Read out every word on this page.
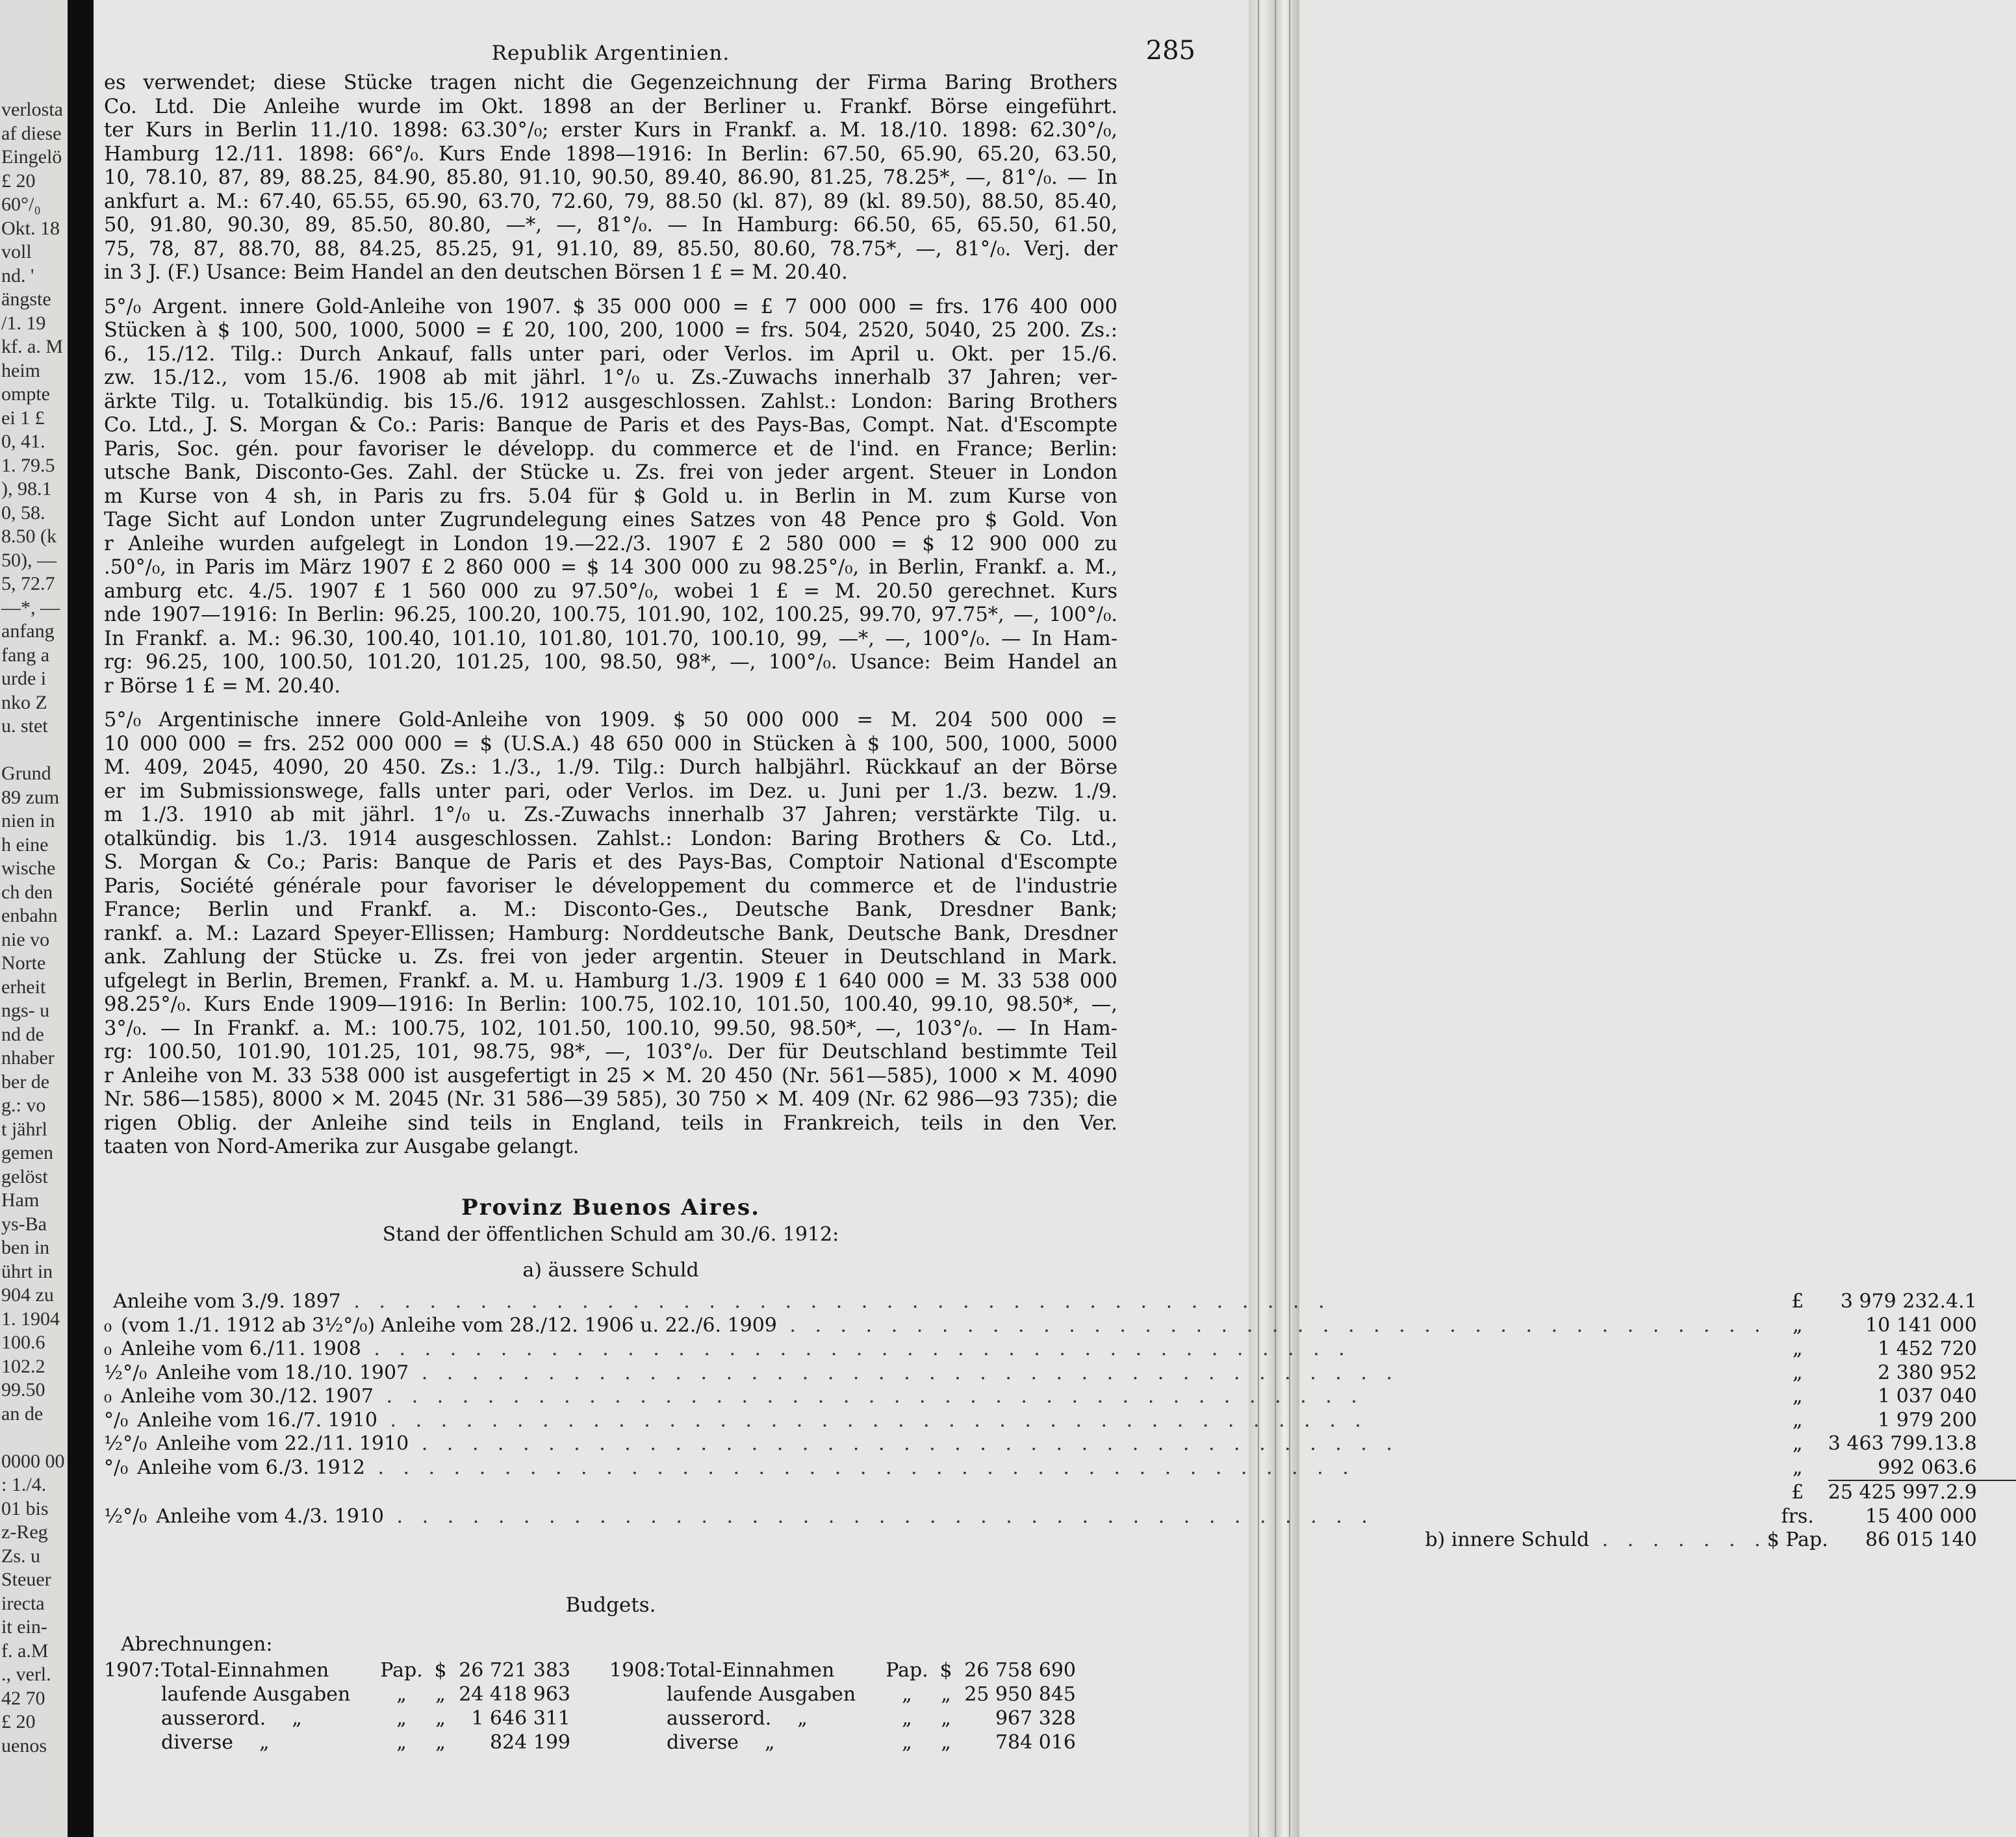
verlosta
af diese
Eingelö
£ 20
60°/₀
Okt. 18
voll
nd. '
ängste
/1. 19
kf. a. M
heim
ompte
ei 1 £
0, 41.
1. 79.5
), 98.1
0, 58.
8.50 (k
50), —
5, 72.7
—*, —
anfang
fang a
urde i
nko Z
u. stet
Grund
89 zum
nien in
h eine
wische
ch den
enbahn
nie vo
Norte
erheit
ngs- u
nd de
nhaber
ber de
g.: vo
t jährl
gemen
gelöst
Ham
ys-Ba
ben in
ührt in
904 zu
1. 1904
100.6
102.2
99.50
an de
0000 00
: 1./4.
01 bis
z-Reg
Zs. u
Steuer
irecta
it ein-
f. a.M
., verl.
42 70
£ 20
uenos
Republik Argentinien.	285
es verwendet; diese Stücke tragen nicht die Gegenzeichnung der Firma Baring Brothers
Co. Ltd. Die Anleihe wurde im Okt. 1898 an der Berliner u. Frankf. Börse eingeführt.
ter Kurs in Berlin 11./10. 1898: 63.30°/₀; erster Kurs in Frankf. a. M. 18./10. 1898: 62.30°/₀,
Hamburg 12./11. 1898: 66°/₀. Kurs Ende 1898—1916: In Berlin: 67.50, 65.90, 65.20, 63.50,
10, 78.10, 87, 89, 88.25, 84.90, 85.80, 91.10, 90.50, 89.40, 86.90, 81.25, 78.25*, —, 81°/₀. — In
ankfurt a. M.: 67.40, 65.55, 65.90, 63.70, 72.60, 79, 88.50 (kl. 87), 89 (kl. 89.50), 88.50, 85.40,
50, 91.80, 90.30, 89, 85.50, 80.80, —*, —, 81°/₀. — In Hamburg: 66.50, 65, 65.50, 61.50,
75, 78, 87, 88.70, 88, 84.25, 85.25, 91, 91.10, 89, 85.50, 80.60, 78.75*, —, 81°/₀. Verj. der
in 3 J. (F.) Usance: Beim Handel an den deutschen Börsen 1 £ = M. 20.40.
5°/₀ Argent. innere Gold-Anleihe von 1907. $ 35 000 000 = £ 7 000 000 = frs. 176 400 000
Stücken à $ 100, 500, 1000, 5000 = £ 20, 100, 200, 1000 = frs. 504, 2520, 5040, 25 200. Zs.:
6., 15./12. Tilg.: Durch Ankauf, falls unter pari, oder Verlos. im April u. Okt. per 15./6.
zw. 15./12., vom 15./6. 1908 ab mit jährl. 1°/₀ u. Zs.-Zuwachs innerhalb 37 Jahren; ver-
ärkte Tilg. u. Totalkündig. bis 15./6. 1912 ausgeschlossen. Zahlst.: London: Baring Brothers
Co. Ltd., J. S. Morgan & Co.: Paris: Banque de Paris et des Pays-Bas, Compt. Nat. d'Escompte
Paris, Soc. gén. pour favoriser le développ. du commerce et de l'ind. en France; Berlin:
utsche Bank, Disconto-Ges. Zahl. der Stücke u. Zs. frei von jeder argent. Steuer in London
m Kurse von 4 sh, in Paris zu frs. 5.04 für $ Gold u. in Berlin in M. zum Kurse von
Tage Sicht auf London unter Zugrundelegung eines Satzes von 48 Pence pro $ Gold. Von
r Anleihe wurden aufgelegt in London 19.—22./3. 1907 £ 2 580 000 = $ 12 900 000 zu
.50°/₀, in Paris im März 1907 £ 2 860 000 = $ 14 300 000 zu 98.25°/₀, in Berlin, Frankf. a. M.,
amburg etc. 4./5. 1907 £ 1 560 000 zu 97.50°/₀, wobei 1 £ = M. 20.50 gerechnet. Kurs
nde 1907—1916: In Berlin: 96.25, 100.20, 100.75, 101.90, 102, 100.25, 99.70, 97.75*, —, 100°/₀.
In Frankf. a. M.: 96.30, 100.40, 101.10, 101.80, 101.70, 100.10, 99, —*, —, 100°/₀. — In Ham-
rg: 96.25, 100, 100.50, 101.20, 101.25, 100, 98.50, 98*, —, 100°/₀. Usance: Beim Handel an
r Börse 1 £ = M. 20.40.
5°/₀ Argentinische innere Gold-Anleihe von 1909. $ 50 000 000 = M. 204 500 000 =
10 000 000 = frs. 252 000 000 = $ (U.S.A.) 48 650 000 in Stücken à $ 100, 500, 1000, 5000
M. 409, 2045, 4090, 20 450. Zs.: 1./3., 1./9. Tilg.: Durch halbjährl. Rückkauf an der Börse
er im Submissionswege, falls unter pari, oder Verlos. im Dez. u. Juni per 1./3. bezw. 1./9.
m 1./3. 1910 ab mit jährl. 1°/₀ u. Zs.-Zuwachs innerhalb 37 Jahren; verstärkte Tilg. u.
otalkündig. bis 1./3. 1914 ausgeschlossen. Zahlst.: London: Baring Brothers & Co. Ltd.,
S. Morgan & Co.; Paris: Banque de Paris et des Pays-Bas, Comptoir National d'Escompte
Paris, Société générale pour favoriser le développement du commerce et de l'industrie
France; Berlin und Frankf. a. M.: Disconto-Ges., Deutsche Bank, Dresdner Bank;
rankf. a. M.: Lazard Speyer-Ellissen; Hamburg: Norddeutsche Bank, Deutsche Bank, Dresdner
ank. Zahlung der Stücke u. Zs. frei von jeder argentin. Steuer in Deutschland in Mark.
ufgelegt in Berlin, Bremen, Frankf. a. M. u. Hamburg 1./3. 1909 £ 1 640 000 = M. 33 538 000
98.25°/₀. Kurs Ende 1909—1916: In Berlin: 100.75, 102.10, 101.50, 100.40, 99.10, 98.50*, —,
3°/₀. — In Frankf. a. M.: 100.75, 102, 101.50, 100.10, 99.50, 98.50*, —, 103°/₀. — In Ham-
rg: 100.50, 101.90, 101.25, 101, 98.75, 98*, —, 103°/₀. Der für Deutschland bestimmte Teil
r Anleihe von M. 33 538 000 ist ausgefertigt in 25 × M. 20 450 (Nr. 561—585), 1000 × M. 4090
Nr. 586—1585), 8000 × M. 2045 (Nr. 31 586—39 585), 30 750 × M. 409 (Nr. 62 986—93 735); die
rigen Oblig. der Anleihe sind teils in England, teils in Frankreich, teils in den Ver.
taaten von Nord-Amerika zur Ausgabe gelangt.
Provinz Buenos Aires.
Stand der öffentlichen Schuld am 30./6. 1912:
a) äussere Schuld
Anleihe vom 3./9. 1897 . . . . . . . . . . . . . . . . . . . . . . . . . . . . . . . . . . . . . . .	£	3 979 232.4.1
₀ (vom 1./1. 1912 ab 3½°/₀) Anleihe vom 28./12. 1906 u. 22./6. 1909 . . . . . . . . . . . . . . . . . . . . . . . . . . . . . . . . . . . . . . .	„	10 141 000
₀ Anleihe vom 6./11. 1908 . . . . . . . . . . . . . . . . . . . . . . . . . . . . . . . . . . . . . . .	„	1 452 720
½°/₀ Anleihe vom 18./10. 1907 . . . . . . . . . . . . . . . . . . . . . . . . . . . . . . . . . . . . . . .	„	2 380 952
₀ Anleihe vom 30./12. 1907 . . . . . . . . . . . . . . . . . . . . . . . . . . . . . . . . . . . . . . .	„	1 037 040
°/₀ Anleihe vom 16./7. 1910 . . . . . . . . . . . . . . . . . . . . . . . . . . . . . . . . . . . . . . .	„	1 979 200
½°/₀ Anleihe vom 22./11. 1910 . . . . . . . . . . . . . . . . . . . . . . . . . . . . . . . . . . . . . . .	„	3 463 799.13.8
°/₀ Anleihe vom 6./3. 1912 . . . . . . . . . . . . . . . . . . . . . . . . . . . . . . . . . . . . . . .	„	992 063.6
	£	25 425 997.2.9
½°/₀ Anleihe vom 4./3. 1910 . . . . . . . . . . . . . . . . . . . . . . . . . . . . . . . . . . . . . . .	frs.	15 400 000
b) innere Schuld . . . . . . .	$ Pap.	86 015 140
Budgets.
Abrechnungen:
1907:	Total-Einnahmen	Pap.	$	26 721 383
	laufende Ausgaben	„	„	24 418 963
	ausserord. „	„	„	1 646 311
	diverse „	„	„	824 199
1908:	Total-Einnahmen	Pap.	$	26 758 690
	laufende Ausgaben	„	„	25 950 845
	ausserord. „	„	„	967 328
	diverse „	„	„	784 016
